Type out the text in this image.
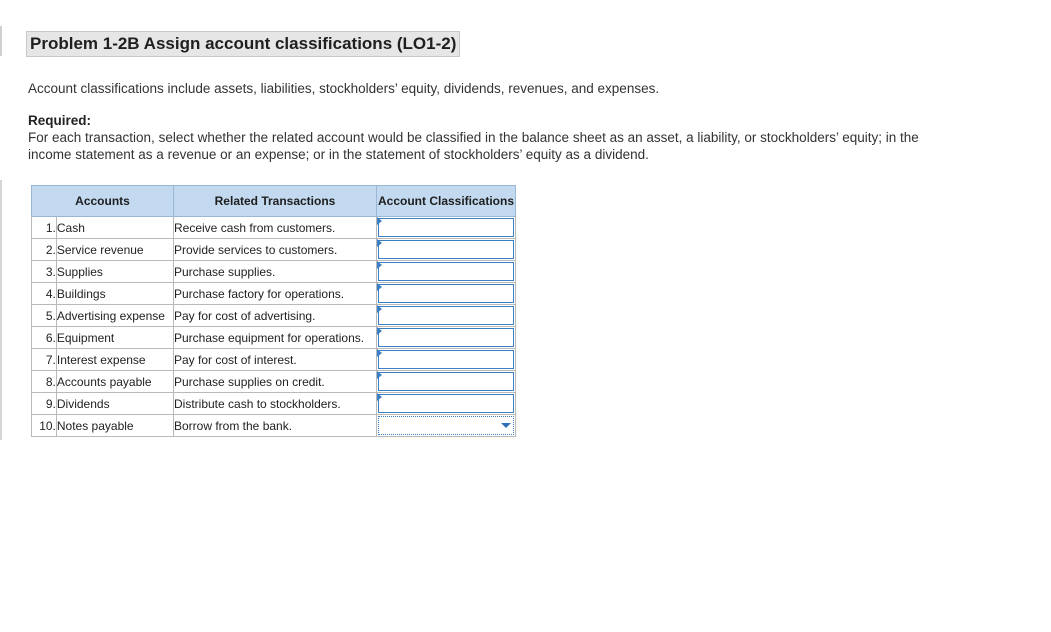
Problem 1-2B Assign account classifications (LO1-2)
Account classifications include assets, liabilities, stockholders’ equity, dividends, revenues, and expenses.
Required:
For each transaction, select whether the related account would be classified in the balance sheet as an asset, a liability, or stockholders’ equity; in the income statement as a revenue or an expense; or in the statement of stockholders’ equity as a dividend.
Accounts		Related Transactions	Account Classifications
1.	Cash	Receive cash from customers.	

2.	Service revenue	Provide services to customers.	

3.	Supplies	Purchase supplies.	

4.	Buildings	Purchase factory for operations.	

5.	Advertising expense	Pay for cost of advertising.	

6.	Equipment	Purchase equipment for operations.	

7.	Interest expense	Pay for cost of interest.	

8.	Accounts payable	Purchase supplies on credit.	

9.	Dividends	Distribute cash to stockholders.	

10.	Notes payable	Borrow from the bank.	
